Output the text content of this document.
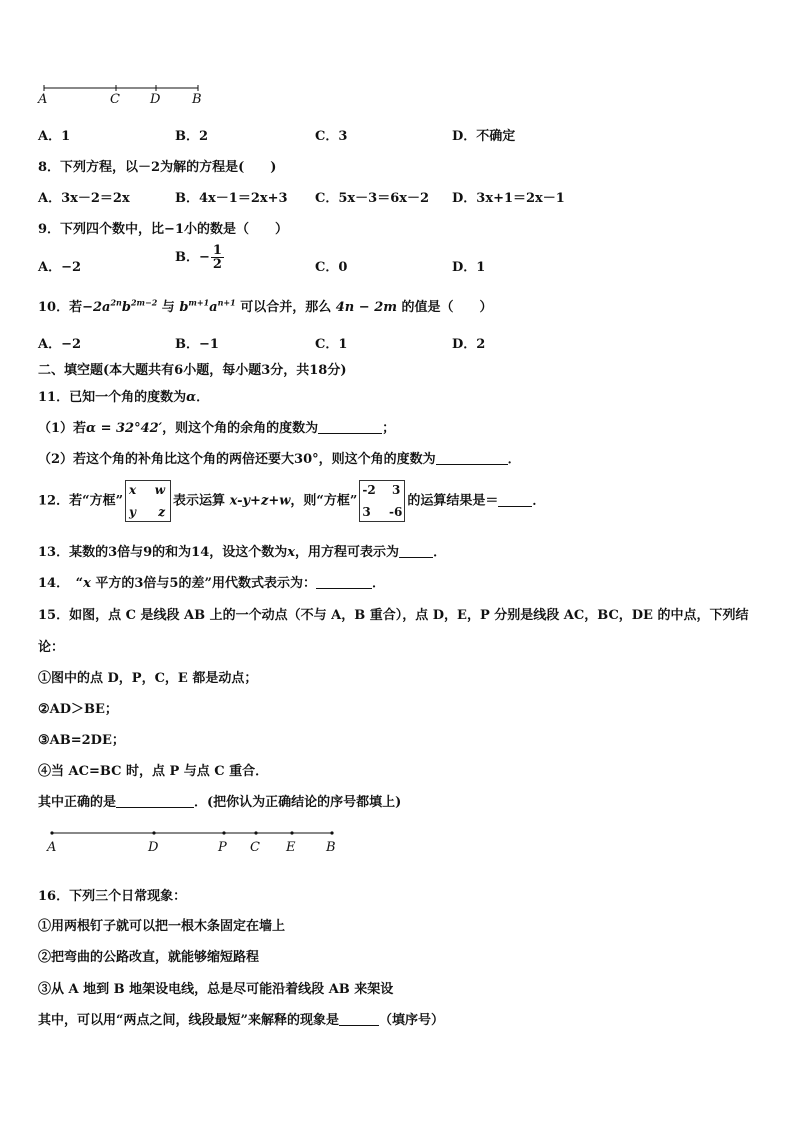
A	C D B
A．1	B．2	C．3	D．不确定
8．下列方程，以－2为解的方程是(　　)
A．3x－2＝2x	B．4x－1＝2x+3 C．5x－3＝6x－2 D．3x+1＝2x－1
9．下列四个数中，比−1小的数是（　　）
A．−2
B．− $\frac{1}{2}$	C．0	D．1
10．若$-2a^{2n}b^{2m-2}$ 与 $b^{m+1}a^{n+1}$ 可以合并，那么 4n − 2m 的值是（　　）
A．−2	B．−1	C．1	D．2
二、填空题(本大题共有6小题，每小题3分，共18分)
11．已知一个角的度数为α．
（1）若α = 32°42′，则这个角的余角的度数为	；
（2）若这个角的补角比这个角的两倍还要大30°，则这个角的度数为	．
12．若“方框”
x w
y z
表示运算 x-y+z+w，则“方框”
-2 3
3 -6
的运算结果是＝	．
13．某数的3倍与9的和为14，设这个数为x，用方程可表示为	．
14．　“x 平方的3倍与5的差”用代数式表示为：	．
15．如图，点 C 是线段 AB 上的一个动点（不与 A，B 重合），点 D，E，P 分别是线段 AC，BC，DE 的中点，下列结
论：
①图中的点 D，P，C，E 都是动点；
②AD＞BE；
③AB=2DE；
④当 AC=BC 时，点 P 与点 C 重合．
其中正确的是	．(把你认为正确结论的序号都填上)
A	D	P C E B
16．下列三个日常现象：
①用两根钉子就可以把一根木条固定在墙上
②把弯曲的公路改直，就能够缩短路程
③从 A 地到 B 地架设电线，总是尽可能沿着线段 AB 来架设
其中，可以用“两点之间，线段最短”来解释的现象是	（填序号）
